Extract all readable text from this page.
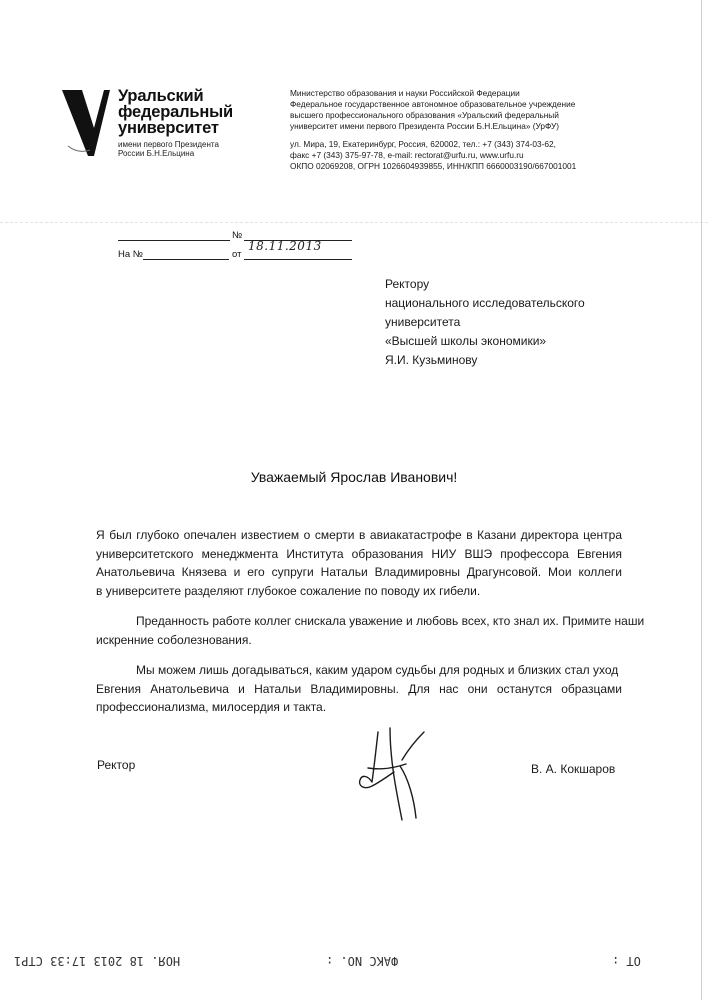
Уральский
федеральный
университет
имени первого Президента
России Б.Н.Ельцина
Министерство образования и науки Российской Федерации
Федеральное государственное автономное образовательное учреждение
высшего профессионального образования «Уральский федеральный
университет имени первого Президента России Б.Н.Ельцина» (УрФУ)
ул. Мира, 19, Екатеринбург, Россия, 620002, тел.: +7 (343) 374-03-62,
факс +7 (343) 375-97-78, e-mail: rectorat@urfu.ru, www.urfu.ru
ОКПО 02069208, ОГРН 1026604939855, ИНН/КПП 6660003190/667001001
№
На №	от
18.11.2013
Ректору
национального исследовательского
университета
«Высшей школы экономики»
Я.И. Кузьминову
Уважаемый Ярослав Иванович!
Я был глубоко опечален известием о смерти в авиакатастрофе в Казани директора центра
университетского менеджмента Института образования НИУ ВШЭ профессора Евгения
Анатольевича Князева и его супруги Натальи Владимировны Драгунсовой. Мои коллеги
в университете разделяют глубокое сожаление по поводу их гибели.
Преданность работе коллег снискала уважение и любовь всех, кто знал их. Примите наши
искренние соболезнования.
Мы можем лишь догадываться, каким ударом судьбы для родных и близких стал уход
Евгения Анатольевича и Натальи Владимировны. Для нас они останутся образцами
профессионализма, милосердия и такта.
Ректор	В. А. Кокшаров
НОЯ. 18 2013 17:33 СТР1	ФАКС NO. :	ОТ :
